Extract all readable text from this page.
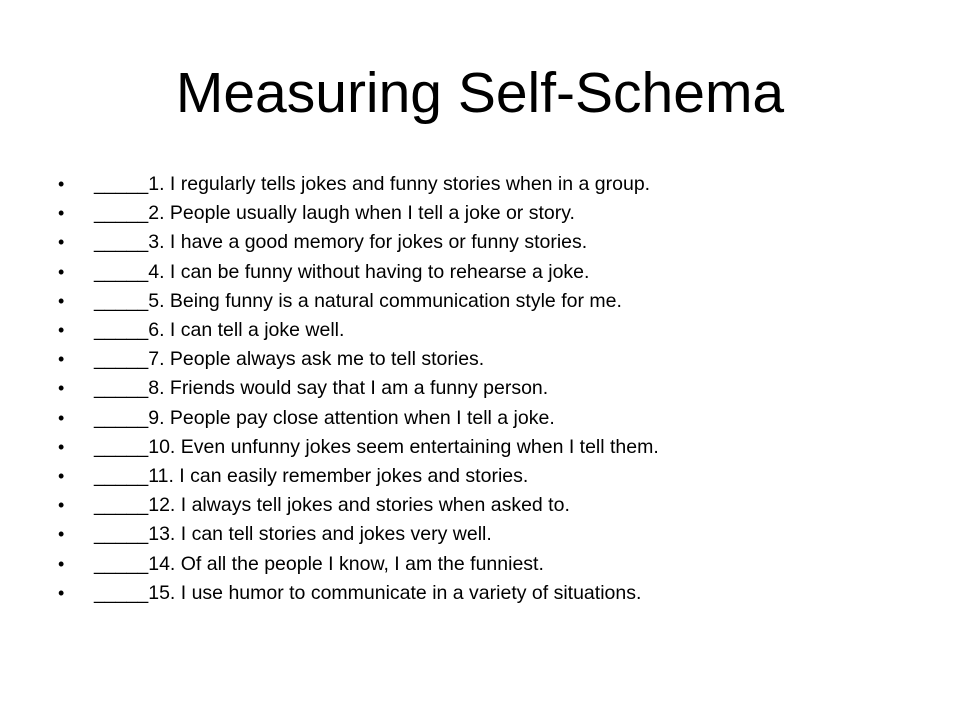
Measuring Self-Schema
•	_____1. I regularly tells jokes and funny stories when in a group.
•	_____2. People usually laugh when I tell a joke or story.
•	_____3. I have a good memory for jokes or funny stories.
•	_____4. I can be funny without having to rehearse a joke.
•	_____5. Being funny is a natural communication style for me.
•	_____6. I can tell a joke well.
•	_____7. People always ask me to tell stories.
•	_____8. Friends would say that I am a funny person.
•	_____9. People pay close attention when I tell a joke.
•	_____10. Even unfunny jokes seem entertaining when I tell them.
•	_____11. I can easily remember jokes and stories.
•	_____12. I always tell jokes and stories when asked to.
•	_____13. I can tell stories and jokes very well.
•	_____14. Of all the people I know, I am the funniest.
•	_____15. I use humor to communicate in a variety of situations.
